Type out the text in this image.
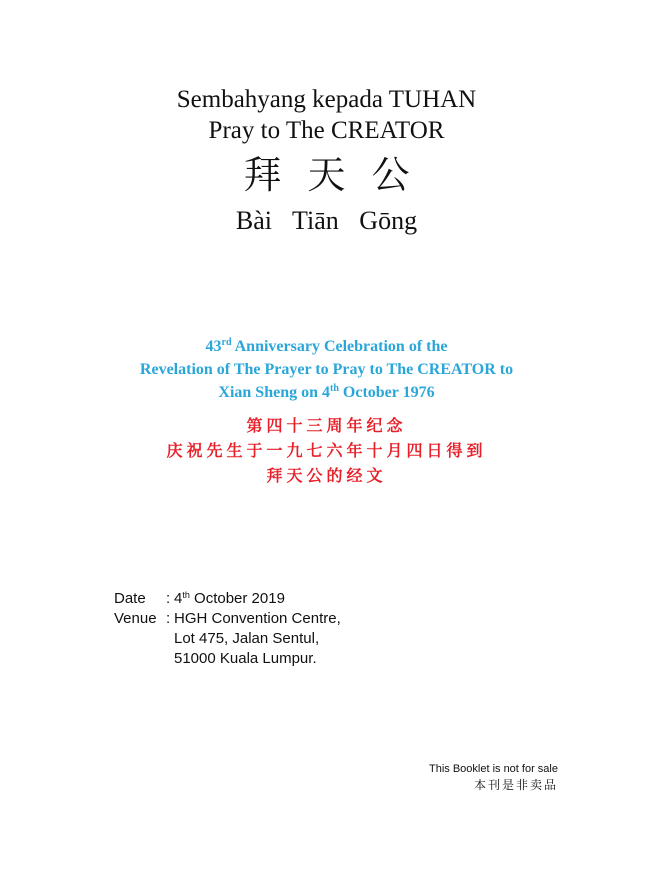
Sembahyang kepada TUHAN
Pray to The CREATOR
拜天公
Bài Tiān Gōng
43rd Anniversary Celebration of the
Revelation of The Prayer to Pray to The CREATOR to
Xian Sheng on 4th October 1976
第四十三周年纪念
庆祝先生于一九七六年十月四日得到
拜天公的经文
Date	: 4th October 2019
Venue : HGH Convention Centre,
Lot 475, Jalan Sentul,
51000 Kuala Lumpur.
This Booklet is not for sale
本刊是非卖品
